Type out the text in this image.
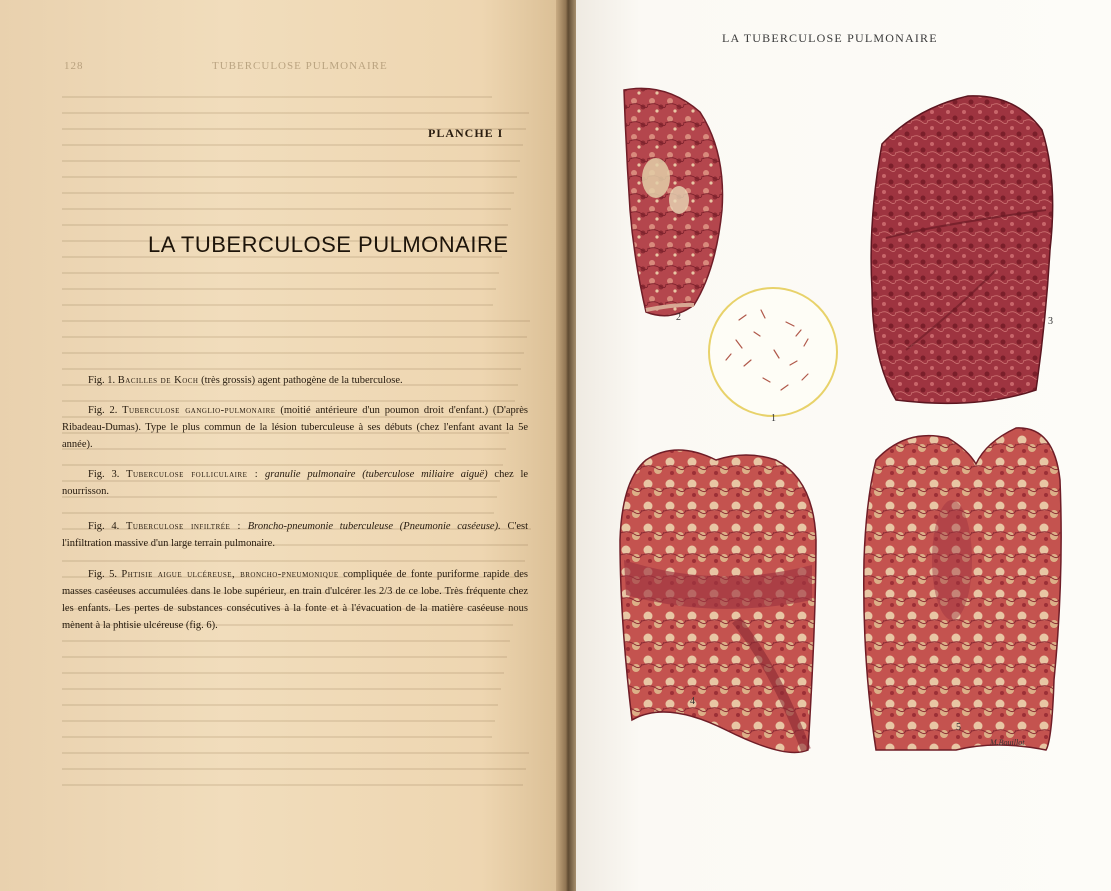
128	TUBERCULOSE PULMONAIRE
PLANCHE I
LA TUBERCULOSE PULMONAIRE
Fig. 1. Bacilles de Koch (très grossis) agent pathogène de la tuberculose.
Fig. 2. Tuberculose ganglio-pulmonaire (moitié antérieure d'un poumon droit d'enfant.) (D'après Ribadeau-Dumas). Type le plus commun de la lésion tuberculeuse à ses débuts (chez l'enfant avant la 5e année).
Fig. 3. Tuberculose folliculaire : granulie pulmonaire (tuberculose miliaire aiguë) chez le nourrisson.
Fig. 4. Tuberculose infiltrée : Broncho-pneumonie tuberculeuse (Pneumonie caséeuse). C'est l'infiltration massive d'un large terrain pulmonaire.
Fig. 5. Phtisie aigue ulcéreuse, broncho-pneumonique compliquée de fonte puriforme rapide des masses caséeuses accumulées dans le lobe supérieur, en train d'ulcérer les 2/3 de ce lobe. Très fréquente chez les enfants. Les pertes de substances consécutives à la fonte et à l'évacuation de la matière caséeuse nous mènent à la phtisie ulcéreuse (fig. 6).
LA TUBERCULOSE PULMONAIRE
2
1
3
4
5
M.Bouillot
